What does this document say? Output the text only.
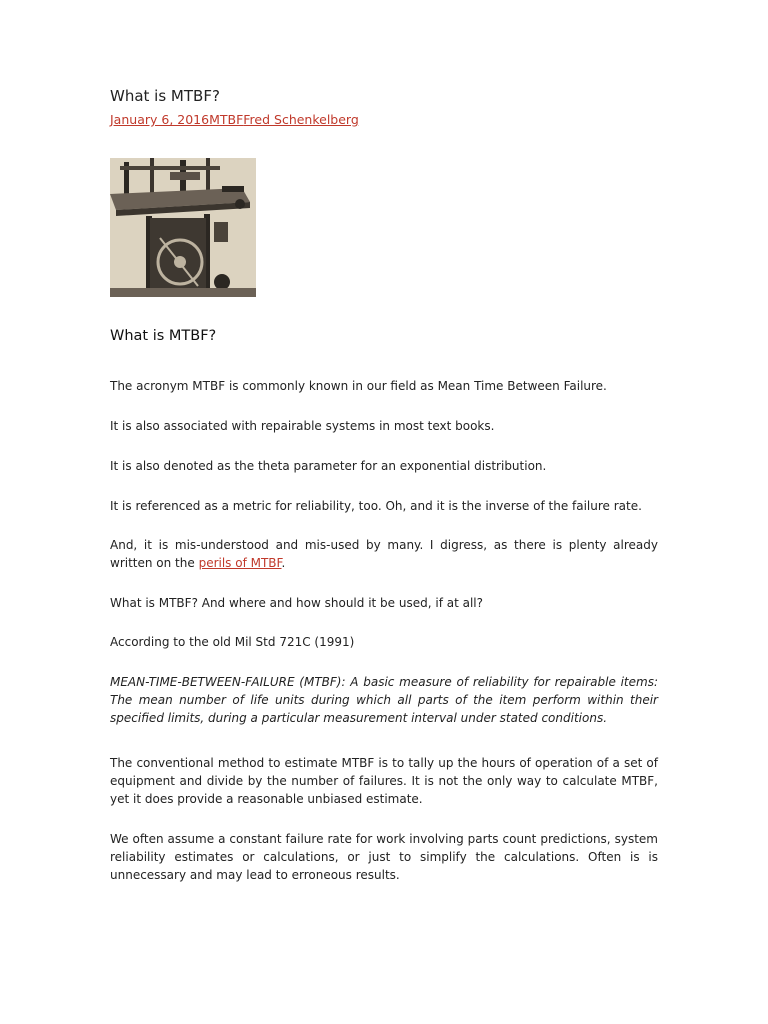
What is MTBF?
January 6, 2016MTBFFred Schenkelberg
What is MTBF?

The acronym MTBF is commonly known in our field as Mean Time Between Failure.

It is also associated with repairable systems in most text books.

It is also denoted as the theta parameter for an exponential distribution.

It is referenced as a metric for reliability, too. Oh, and it is the inverse of the failure rate.

And, it is mis-understood and mis-used by many. I digress, as there is plenty already written on the perils of MTBF.

What is MTBF? And where and how should it be used, if at all?

According to the old Mil Std 721C (1991)

MEAN-TIME-BETWEEN-FAILURE (MTBF): A basic measure of reliability for repairable items: The mean number of life units during which all parts of the item perform within their specified limits, during a particular measurement interval under stated conditions.

The conventional method to estimate MTBF is to tally up the hours of operation of a set of equipment and divide by the number of failures. It is not the only way to calculate MTBF, yet it does provide a reasonable unbiased estimate.

We often assume a constant failure rate for work involving parts count predictions, system reliability estimates or calculations, or just to simplify the calculations. Often is is unnecessary and may lead to erroneous results.
